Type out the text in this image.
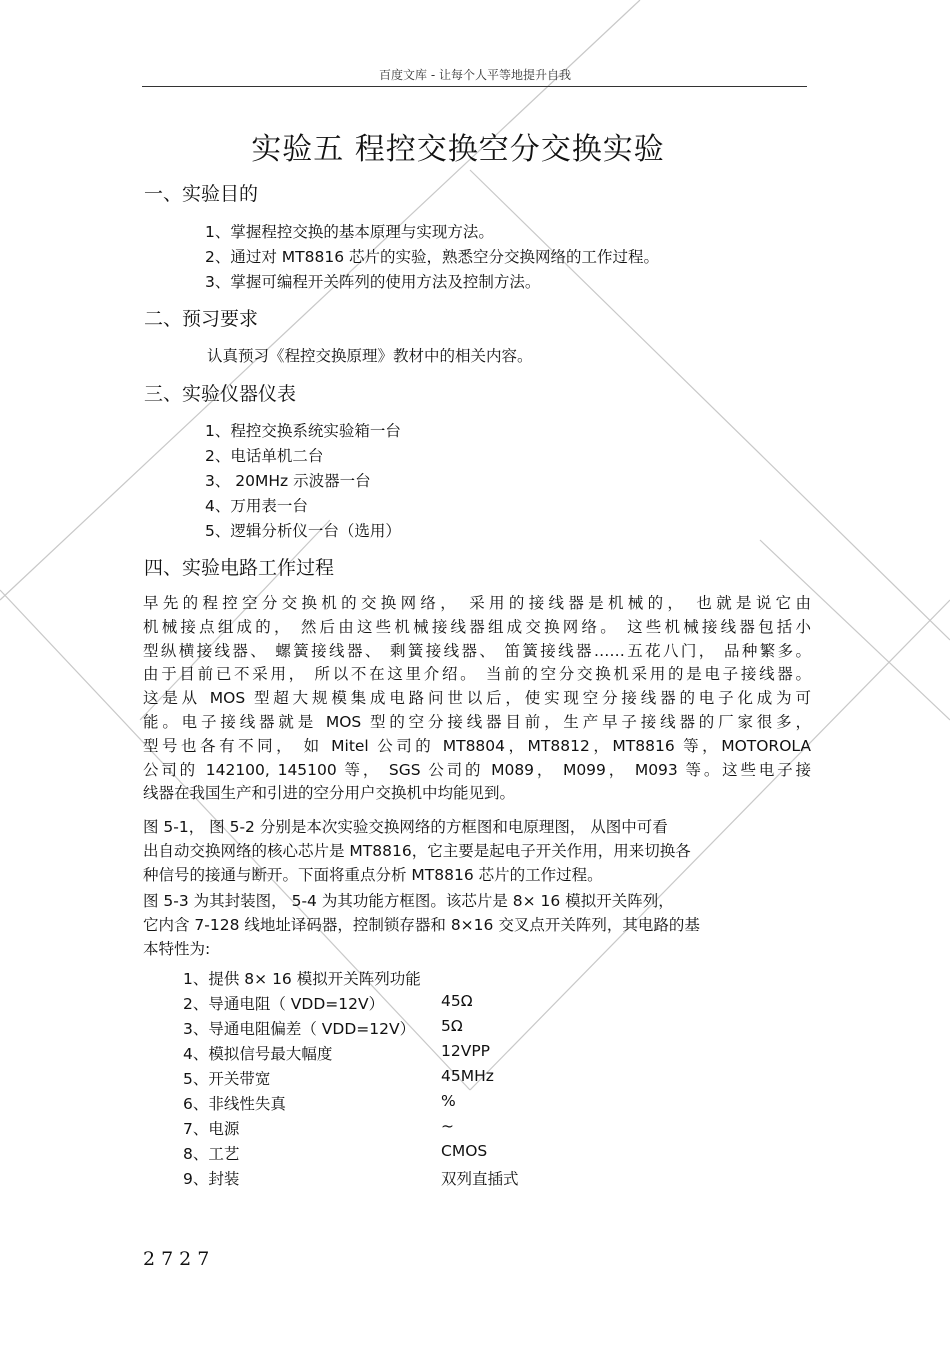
百度文库 - 让每个人平等地提升自我
实验五 程控交换空分交换实验
一、实验目的
1、掌握程控交换的基本原理与实现方法。
2、通过对 MT8816 芯片的实验，熟悉空分交换网络的工作过程。
3、掌握可编程开关阵列的使用方法及控制方法。
二、预习要求
认真预习《程控交换原理》教材中的相关内容。
三、实验仪器仪表
1、程控交换系统实验箱一台
2、电话单机二台
3、 20MHz 示波器一台
4、万用表一台
5、逻辑分析仪一台（选用）
四、实验电路工作过程

早先的程控空分交换机的交换网络， 采用的接线器是机械的， 也就是说它由

机械接点组成的， 然后由这些机械接线器组成交换网络。 这些机械接线器包括小

型纵横接线器、 螺簧接线器、 剩簧接线器、 笛簧接线器……五花八门， 品种繁多。

由于目前已不采用， 所以不在这里介绍。 当前的空分交换机采用的是电子接线器。

这是从 MOS 型超大规模集成电路问世以后，使实现空分接线器的电子化成为可

能。电子接线器就是 MOS 型的空分接线器目前，生产早子接线器的厂家很多，

型号也各有不同， 如 Mitel 公司的 MT8804，MT8812，MT8816 等，MOTOROLA

公司的 142100, 145100 等， SGS 公司的 M089， M099， M093 等。这些电子接

线器在我国生产和引进的空分用户交换机中均能见到。

图 5-1， 图 5-2 分别是本次实验交换网络的方框图和电原理图， 从图中可看

出自动交换网络的核心芯片是 MT8816，它主要是起电子开关作用，用来切换各

种信号的接通与断开。下面将重点分析 MT8816 芯片的工作过程。

图 5-3 为其封装图， 5-4 为其功能方框图。该芯片是 8× 16 模拟开关阵列，

它内含 7-128 线地址译码器，控制锁存器和 8×16 交叉点开关阵列，其电路的基

本特性为:

1、提供 8× 16 模拟开关阵列功能
2、导通电阻（ VDD=12V）	45Ω
3、导通电阻偏差（ VDD=12V） 5Ω
4、模拟信号最大幅度	12VPP
5、开关带宽	45MHz
6、非线性失真	%
7、电源	~
8、工艺	CMOS
9、封装	双列直插式
2727
